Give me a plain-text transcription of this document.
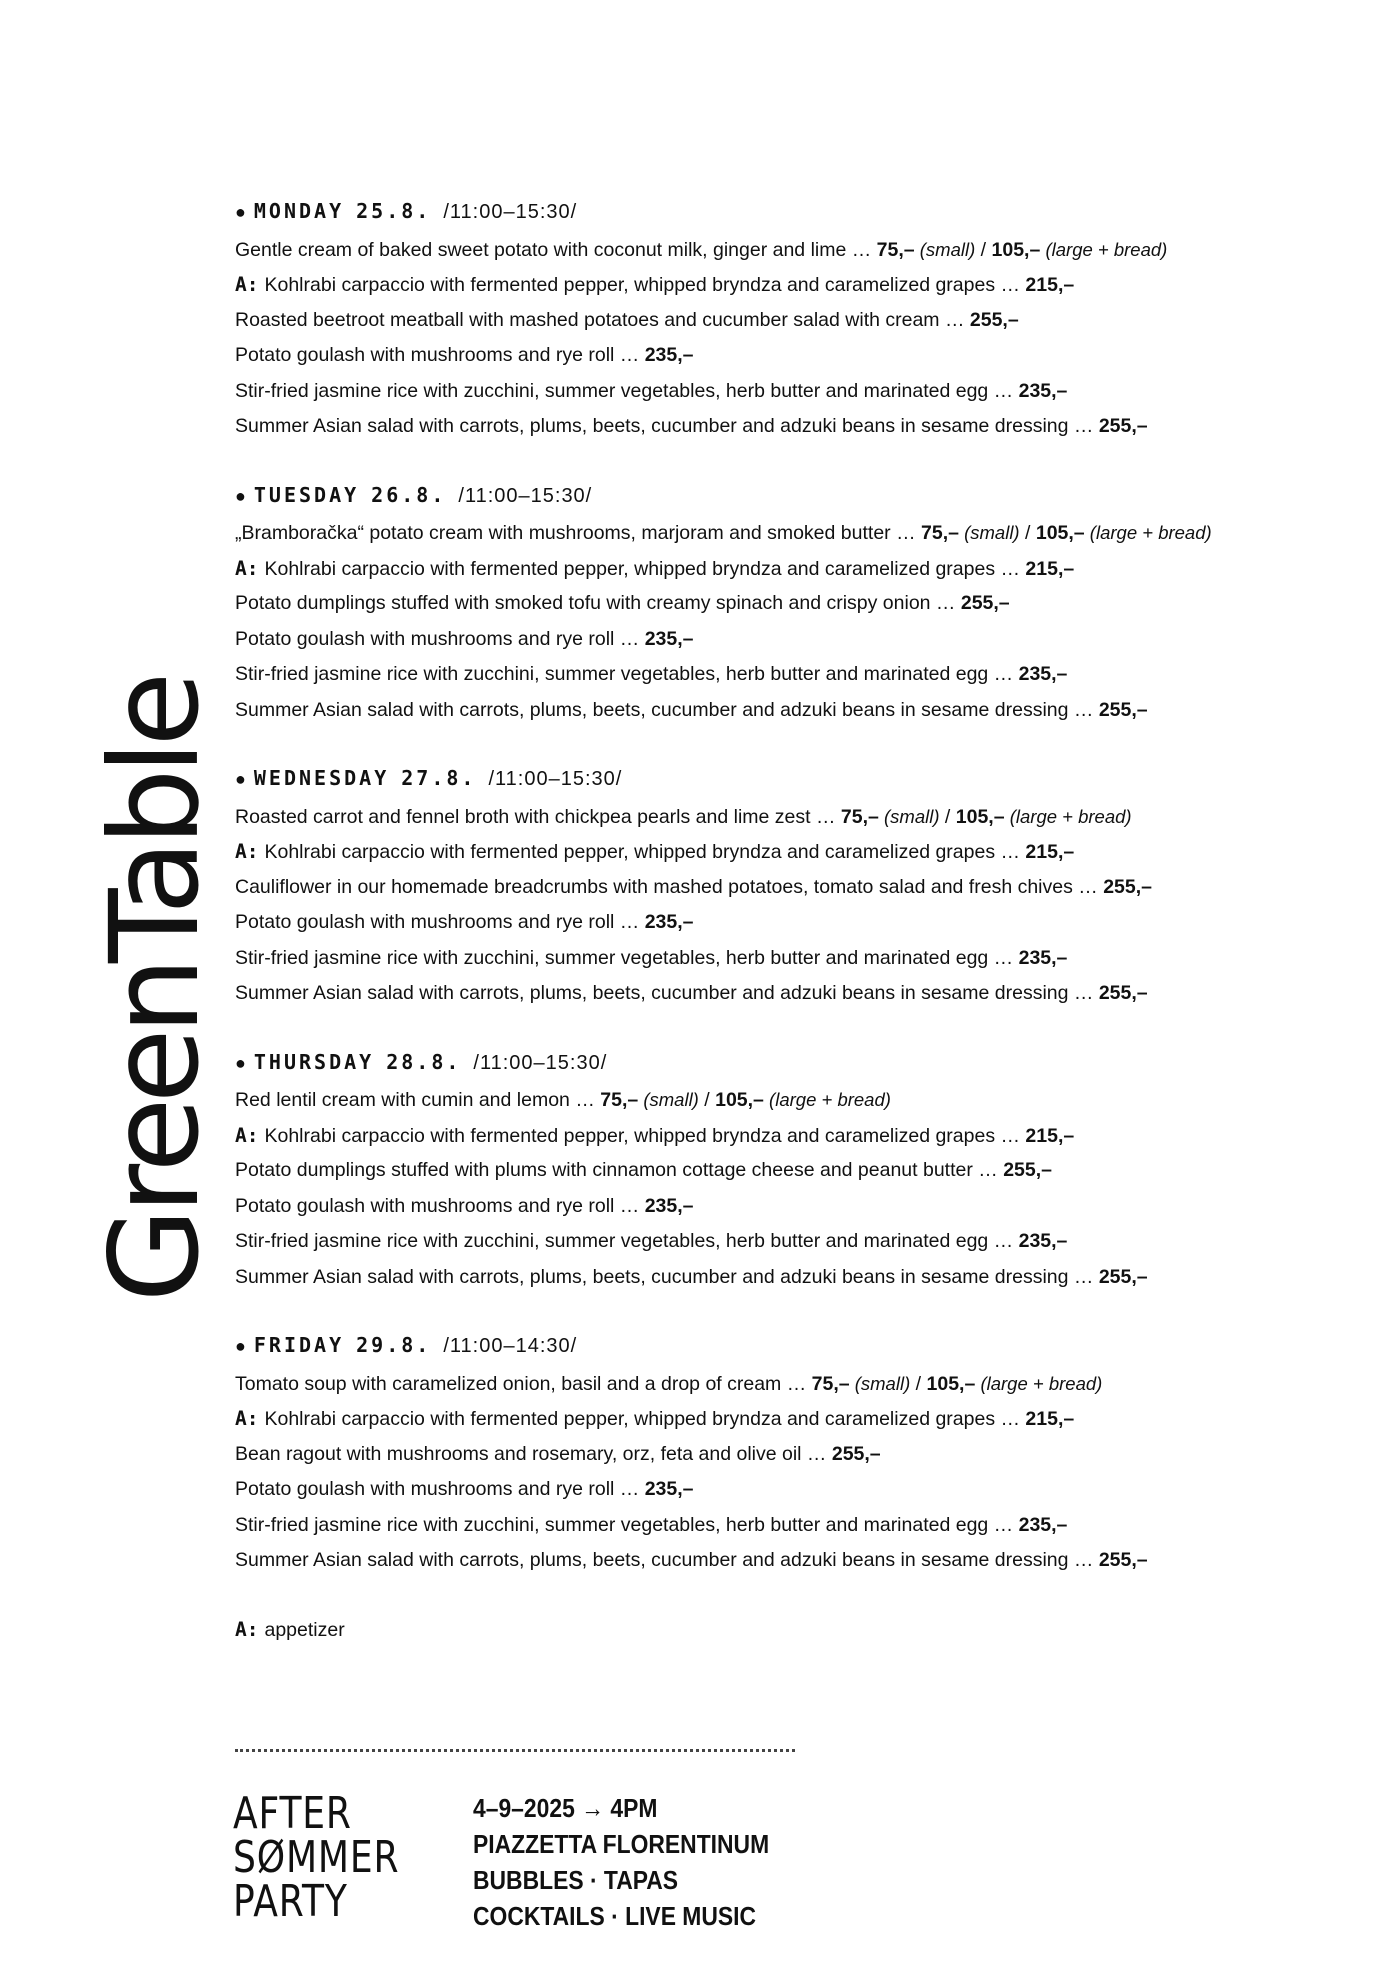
GreenTable
● MONDAY 25.8. /11:00–15:30/
Gentle cream of baked sweet potato with coconut milk, ginger and lime … 75,– (small) / 105,– (large + bread)
A: Kohlrabi carpaccio with fermented pepper, whipped bryndza and caramelized grapes … 215,–
Roasted beetroot meatball with mashed potatoes and cucumber salad with cream … 255,–
Potato goulash with mushrooms and rye roll … 235,–
Stir-fried jasmine rice with zucchini, summer vegetables, herb butter and marinated egg … 235,–
Summer Asian salad with carrots, plums, beets, cucumber and adzuki beans in sesame dressing … 255,–
● TUESDAY 26.8. /11:00–15:30/
„Bramboračka“ potato cream with mushrooms, marjoram and smoked butter … 75,– (small) / 105,– (large + bread)
A: Kohlrabi carpaccio with fermented pepper, whipped bryndza and caramelized grapes … 215,–
Potato dumplings stuffed with smoked tofu with creamy spinach and crispy onion … 255,–
Potato goulash with mushrooms and rye roll … 235,–
Stir-fried jasmine rice with zucchini, summer vegetables, herb butter and marinated egg … 235,–
Summer Asian salad with carrots, plums, beets, cucumber and adzuki beans in sesame dressing … 255,–
● WEDNESDAY 27.8. /11:00–15:30/
Roasted carrot and fennel broth with chickpea pearls and lime zest … 75,– (small) / 105,– (large + bread)
A: Kohlrabi carpaccio with fermented pepper, whipped bryndza and caramelized grapes … 215,–
Cauliflower in our homemade breadcrumbs with mashed potatoes, tomato salad and fresh chives … 255,–
Potato goulash with mushrooms and rye roll … 235,–
Stir-fried jasmine rice with zucchini, summer vegetables, herb butter and marinated egg … 235,–
Summer Asian salad with carrots, plums, beets, cucumber and adzuki beans in sesame dressing … 255,–
● THURSDAY 28.8. /11:00–15:30/
Red lentil cream with cumin and lemon … 75,– (small) / 105,– (large + bread)
A: Kohlrabi carpaccio with fermented pepper, whipped bryndza and caramelized grapes … 215,–
Potato dumplings stuffed with plums with cinnamon cottage cheese and peanut butter … 255,–
Potato goulash with mushrooms and rye roll … 235,–
Stir-fried jasmine rice with zucchini, summer vegetables, herb butter and marinated egg … 235,–
Summer Asian salad with carrots, plums, beets, cucumber and adzuki beans in sesame dressing … 255,–
● FRIDAY 29.8. /11:00–14:30/
Tomato soup with caramelized onion, basil and a drop of cream … 75,– (small) / 105,– (large + bread)
A: Kohlrabi carpaccio with fermented pepper, whipped bryndza and caramelized grapes … 215,–
Bean ragout with mushrooms and rosemary, orz, feta and olive oil … 255,–
Potato goulash with mushrooms and rye roll … 235,–
Stir-fried jasmine rice with zucchini, summer vegetables, herb butter and marinated egg … 235,–
Summer Asian salad with carrots, plums, beets, cucumber and adzuki beans in sesame dressing … 255,–
A: appetizer
AFTER
SØMMER
PARTY
4–9–2025 → 4PM
PIAZZETTA FLORENTINUM
BUBBLES · TAPAS
COCKTAILS · LIVE MUSIC
